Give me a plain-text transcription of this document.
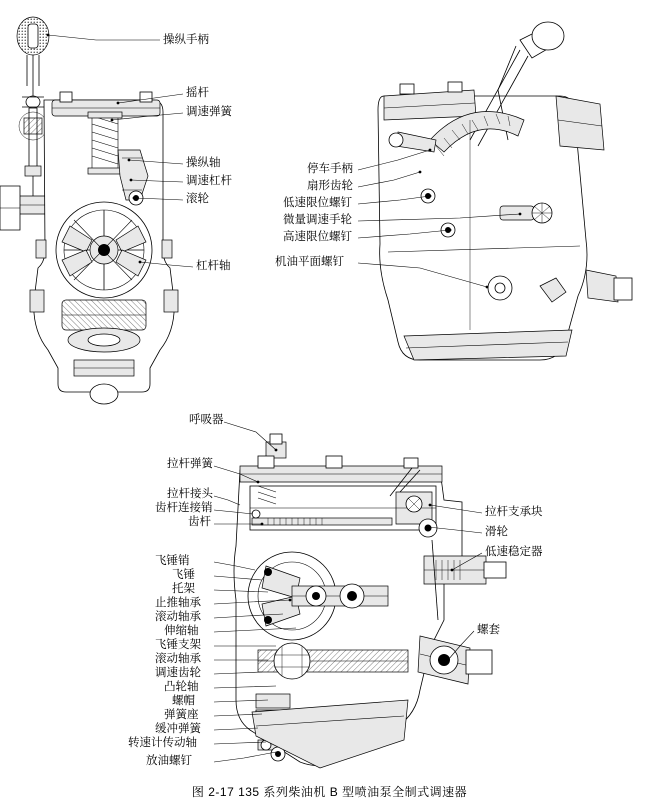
操纵手柄
摇杆
调速弹簧
操纵轴
调速杠杆
滚轮
杠杆轴
停车手柄
扇形齿轮
低速限位螺钉
微量调速手轮
高速限位螺钉
机油平面螺钉
呼吸器
拉杆弹簧
拉杆接头
齿杆连接销
齿杆
飞锤销
飞锤
托架
止推轴承
滚动轴承
伸缩轴
飞锤支架
滚动轴承
调速齿轮
凸轮轴
螺帽
弹簧座
缓冲弹簧
转速计传动轴
放油螺钉
拉杆支承块
滑轮
低速稳定器
螺套
图 2-17 135 系列柴油机 B 型喷油泵全制式调速器
